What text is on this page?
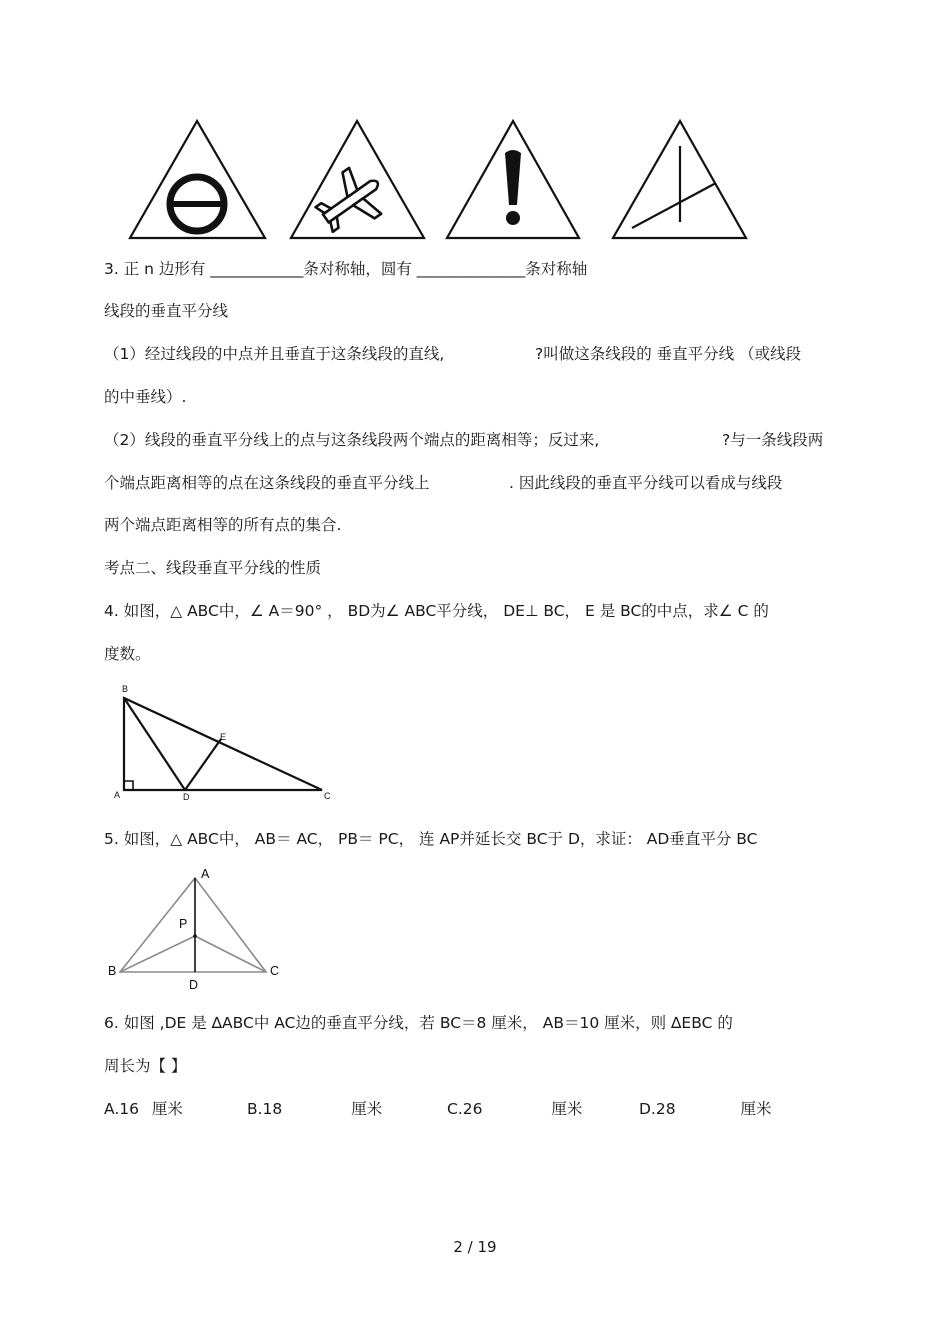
3. 正 n 边形有 ____________条对称轴，圆有 ______________条对称轴
线段的垂直平分线
（1）经过线段的中点并且垂直于这条线段的直线,	?叫做这条线段的 垂直平分线 （或线段
的中垂线）.
（2）线段的垂直平分线上的点与这条线段两个端点的距离相等；反过来,	?与一条线段两
个端点距离相等的点在这条线段的垂直平分线上	. 因此线段的垂直平分线可以看成与线段
两个端点距离相等的所有点的集合.
考点二、线段垂直平分线的性质
4. 如图，△ ABC中，∠ A＝90° ， BD为∠ ABC平分线， DE⊥ BC， E 是 BC的中点，求∠ C 的
度数。
B
A	D
E
C
5. 如图，△ ABC中， AB＝ AC， PB＝ PC， 连 AP并延长交 BC于 D，求证： AD垂直平分 BC
A
P
B	C
D
6. 如图 ,DE 是 ∆ABC中 AC边的垂直平分线，若 BC＝8 厘米， AB＝10 厘米，则 ∆EBC 的
周长为【 】
A.16 厘米	B.18	厘米	C.26	厘米	D.28	厘米
2 / 19
